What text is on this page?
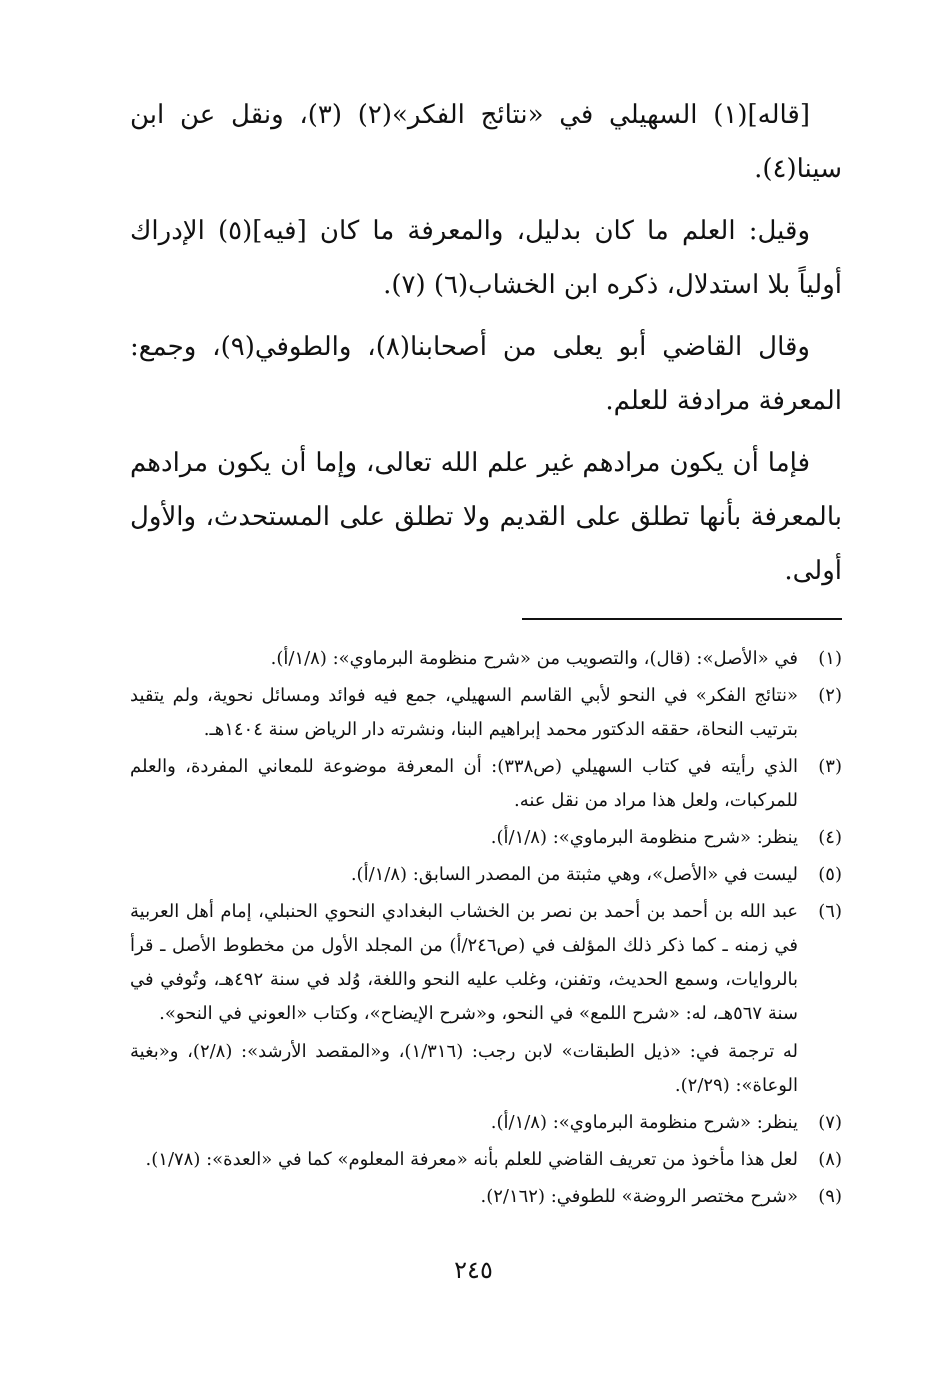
[قاله](١) السهيلي في «نتائج الفكر»(٢) (٣)، ونقل عن ابن سينا(٤).

وقيل: العلم ما كان بدليل، والمعرفة ما كان [فيه](٥) الإدراك أولياً بلا استدلال، ذكره ابن الخشاب(٦) (٧).

وقال القاضي أبو يعلى من أصحابنا(٨)، والطوفي(٩)، وجمع: المعرفة مرادفة للعلم.

فإما أن يكون مرادهم غير علم الله تعالى، وإما أن يكون مرادهم بالمعرفة بأنها تطلق على القديم ولا تطلق على المستحدث، والأول أولى.

(١)

في «الأصل»: (قال)، والتصويب من «شرح منظومة البرماوي»: (١/٨/أ).

(٢)

«نتائج الفكر» في النحو لأبي القاسم السهيلي، جمع فيه فوائد ومسائل نحوية، ولم يتقيد بترتيب النحاة، حققه الدكتور محمد إبراهيم البنا، ونشرته دار الرياض سنة ١٤٠٤هـ.

(٣)

الذي رأيته في كتاب السهيلي (ص٣٣٨): أن المعرفة موضوعة للمعاني المفردة، والعلم للمركبات، ولعل هذا مراد من نقل عنه.

(٤)

ينظر: «شرح منظومة البرماوي»: (١/٨/أ).

(٥)

ليست في «الأصل»، وهي مثبتة من المصدر السابق: (١/٨/أ).

(٦)

عبد الله بن أحمد بن أحمد بن نصر بن الخشاب البغدادي النحوي الحنبلي، إمام أهل العربية في زمنه ـ كما ذكر ذلك المؤلف في (ص٢٤٦/أ) من المجلد الأول من مخطوط الأصل ـ قرأ بالروايات، وسمع الحديث، وتفنن، وغلب عليه النحو واللغة، وُلد في سنة ٤٩٢هـ، وتُوفي في سنة ٥٦٧هـ، له: «شرح اللمع» في النحو، و«شرح الإيضاح»، وكتاب «العوني في النحو».

له ترجمة في: «ذيل الطبقات» لابن رجب: (١/٣١٦)، و«المقصد الأرشد»: (٢/٨)، و«بغية الوعاة»: (٢/٢٩).

(٧)

ينظر: «شرح منظومة البرماوي»: (١/٨/أ).

(٨)

لعل هذا مأخوذ من تعريف القاضي للعلم بأنه «معرفة المعلوم» كما في «العدة»: (١/٧٨).

(٩)

«شرح مختصر الروضة» للطوفي: (٢/١٦٢).

٢٤٥
